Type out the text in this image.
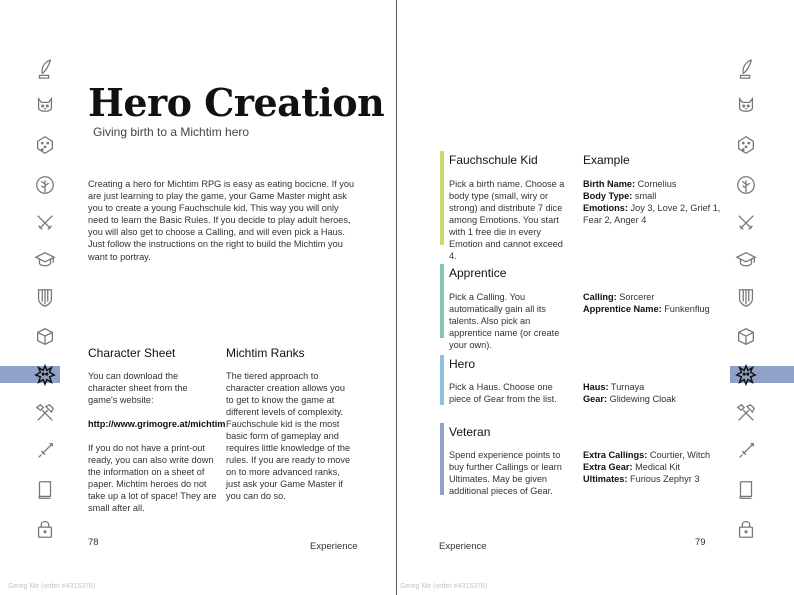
Hero Creation
Giving birth to a Michtim hero

Creating a hero for Michtim RPG is easy as eating bocicne. If you are just learning to play the game, your Game Master might ask you to create a young Fauchschule kid. This way you will only need to learn the Basic Rules. If you decide to play adult heroes, you will also get to choose a Calling, and will even pick a Haus. Just follow the instructions on the right to build the Michtim you want to portray.

Character Sheet

You can download the character sheet from the game's website:

http://www.grimogre.at/michtim

If you do not have a print-out ready, you can also write down the information on a sheet of paper. Michtim heroes do not take up a lot of space! They are small after all.

Michtim Ranks

The tiered approach to character creation allows you to get to know the game at different levels of complexity. Fauchschule kid is the most basic form of gameplay and requires little knowledge of the rules. If you are ready to move on to more advanced ranks, just ask your Game Master if you can do so.

78	Experience
Georg Mir (order #4315378)
Example
Fauchschule Kid
Pick a birth name. Choose a body type (small, wiry or strong) and distribute 7 dice among Emotions. You start with 1 free die in every Emotion and cannot exceed 4.
Birth Name: Cornelius
Body Type: small
Emotions: Joy 3, Love 2, Grief 1, Fear 2, Anger 4
Apprentice
Pick a Calling. You automatically gain all its talents. Also pick an apprentice name (or create your own).
Calling: Sorcerer
Apprentice Name: Funkenflug
Hero
Pick a Haus. Choose one piece of Gear from the list.
Haus: Turnaya
Gear: Glidewing Cloak
Veteran
Spend experience points to buy further Callings or learn Ultimates. May be given additional pieces of Gear.
Extra Callings: Courtier, Witch
Extra Gear: Medical Kit
Ultimates: Furious Zephyr 3
Experience	79
Georg Mir (order #4315378)
